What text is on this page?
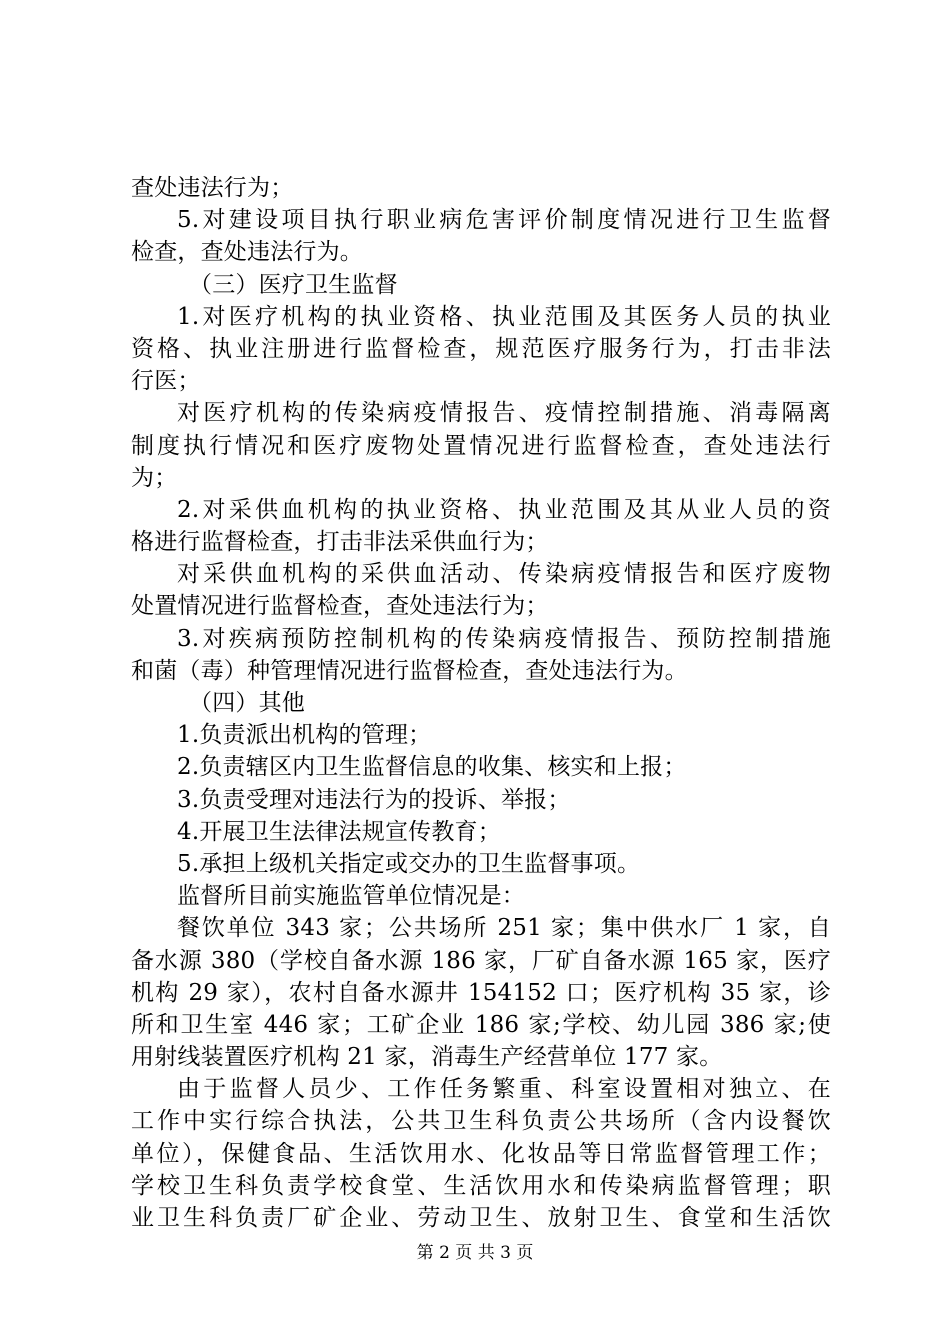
查处违法行为；
5.对建设项目执行职业病危害评价制度情况进行卫生监督
检查，查处违法行为。
（三）医疗卫生监督
1.对医疗机构的执业资格、执业范围及其医务人员的执业
资格、执业注册进行监督检查，规范医疗服务行为，打击非法
行医；
对医疗机构的传染病疫情报告、疫情控制措施、消毒隔离
制度执行情况和医疗废物处置情况进行监督检查，查处违法行
为；
2.对采供血机构的执业资格、执业范围及其从业人员的资
格进行监督检查，打击非法采供血行为；
对采供血机构的采供血活动、传染病疫情报告和医疗废物
处置情况进行监督检查，查处违法行为；
3.对疾病预防控制机构的传染病疫情报告、预防控制措施
和菌（毒）种管理情况进行监督检查，查处违法行为。
（四）其他
1.负责派出机构的管理；
2.负责辖区内卫生监督信息的收集、核实和上报；
3.负责受理对违法行为的投诉、举报；
4.开展卫生法律法规宣传教育；
5.承担上级机关指定或交办的卫生监督事项。
监督所目前实施监管单位情况是：
餐饮单位 343 家；公共场所 251 家；集中供水厂 1 家，自
备水源 380（学校自备水源 186 家，厂矿自备水源 165 家，医疗
机构 29 家），农村自备水源井 154152 口；医疗机构 35 家，诊
所和卫生室 446 家；工矿企业 186 家;学校、幼儿园 386 家;使
用射线装置医疗机构 21 家，消毒生产经营单位 177 家。
由于监督人员少、工作任务繁重、科室设置相对独立、在
工作中实行综合执法，公共卫生科负责公共场所（含内设餐饮
单位），保健食品、生活饮用水、化妆品等日常监督管理工作；
学校卫生科负责学校食堂、生活饮用水和传染病监督管理；职
业卫生科负责厂矿企业、劳动卫生、放射卫生、食堂和生活饮
第 2 页 共 3 页
